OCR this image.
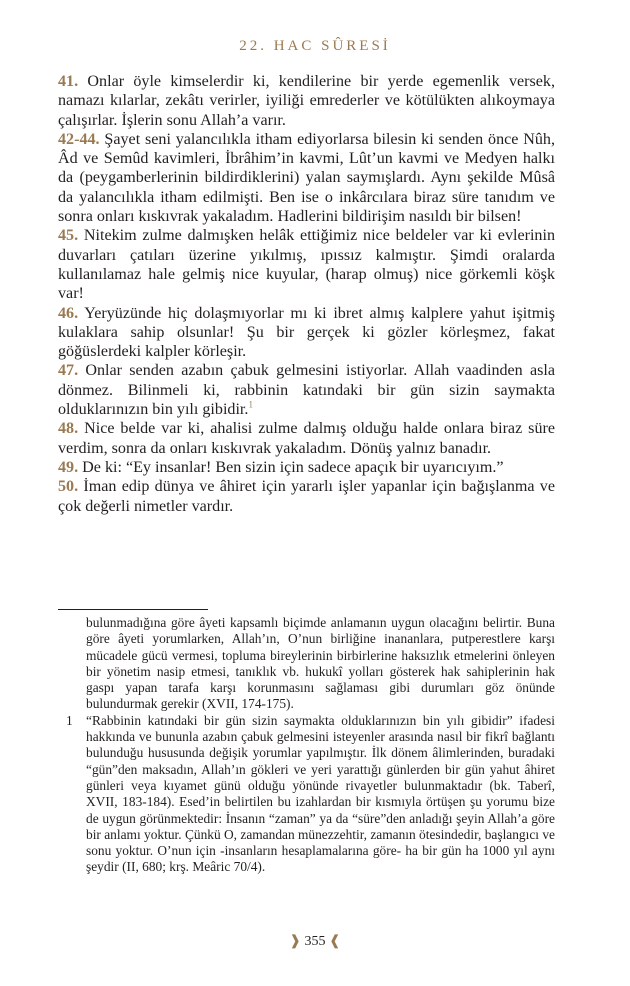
22. HAC SÛRESİ

41. Onlar öyle kimselerdir ki, kendilerine bir yerde egemenlik versek, namazı kılarlar, zekâtı verirler, iyiliği emrederler ve kötülükten alıkoymaya çalışırlar. İşlerin sonu Allah’a varır.

42-44. Şayet seni yalancılıkla itham ediyorlarsa bilesin ki senden önce Nûh, Âd ve Semûd kavimleri, İbrâhim’in kavmi, Lût’un kavmi ve Medyen halkı da (peygamberlerinin bildirdiklerini) yalan saymışlardı. Aynı şekilde Mûsâ da yalancılıkla itham edilmişti. Ben ise o inkârcılara biraz süre tanıdım ve sonra onları kıskıvrak yakaladım. Hadlerini bildirişim nasıldı bir bilsen!

45. Nitekim zulme dalmışken helâk ettiğimiz nice beldeler var ki evlerinin duvarları çatıları üzerine yıkılmış, ıpıssız kalmıştır. Şimdi oralarda kullanılamaz hale gelmiş nice kuyular, (harap olmuş) nice görkemli köşk var!

46. Yeryüzünde hiç dolaşmıyorlar mı ki ibret almış kalplere yahut işitmiş kulaklara sahip olsunlar! Şu bir gerçek ki gözler körleşmez, fakat göğüslerdeki kalpler körleşir.

47. Onlar senden azabın çabuk gelmesini istiyorlar. Allah vaadinden asla dönmez. Bilinmeli ki, rabbinin katındaki bir gün sizin saymakta olduklarınızın bin yılı gibidir.$^1$

48. Nice belde var ki, ahalisi zulme dalmış olduğu halde onlara biraz süre verdim, sonra da onları kıskıvrak yakaladım. Dönüş yalnız banadır.

49. De ki: “Ey insanlar! Ben sizin için sadece apaçık bir uyarıcıyım.”

50. İman edip dünya ve âhiret için yararlı işler yapanlar için bağışlanma ve çok değerli nimetler vardır.

bulunmadığına göre âyeti kapsamlı biçimde anlamanın uygun olacağını belirtir. Buna göre âyeti yorumlarken, Allah’ın, O’nun birliğine inananlara, putperestlere karşı mücadele gücü vermesi, topluma bireylerinin birbirlerine haksızlık etmelerini önleyen bir yönetim nasip etmesi, tanıklık vb. hukukî yolları gösterek hak sahiplerinin hak gaspı yapan tarafa karşı korunmasını sağlaması gibi durumları göz önünde bulundurmak gerekir (XVII, 174-175).

1 “Rabbinin katındaki bir gün sizin saymakta olduklarınızın bin yılı gibidir” ifadesi hakkında ve bununla azabın çabuk gelmesini isteyenler arasında nasıl bir fikrî bağlantı bulunduğu hususunda değişik yorumlar yapılmıştır. İlk dönem âlimlerinden, buradaki “gün”den maksadın, Allah’ın gökleri ve yeri yarattığı günlerden bir gün yahut âhiret günleri veya kıyamet günü olduğu yönünde rivayetler bulunmaktadır (bk. Taberî, XVII, 183-184). Esed’in belirtilen bu izahlardan bir kısmıyla örtüşen şu yorumu bize de uygun görünmektedir: İnsanın “zaman” ya da “süre”den anladığı şeyin Allah’a göre bir anlamı yoktur. Çünkü O, zamandan münezzehtir, zamanın ötesindedir, başlangıcı ve sonu yoktur. O’nun için -insanların hesaplamalarına göre- ha bir gün ha 1000 yıl aynı şeydir (II, 680; krş. Meâric 70/4).

❱ 355 ❰
